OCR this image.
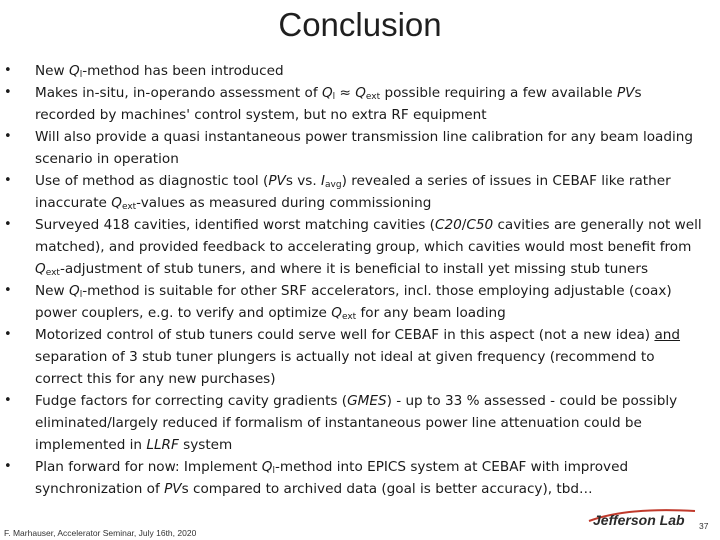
Conclusion
• New $Q_l$-method has been introduced
• Makes in-situ, in-operando assessment of $Q_l \approx Q_{ext}$ possible requiring a few available PVs recorded by machines' control system, but no extra RF equipment
• Will also provide a quasi instantaneous power transmission line calibration for any beam loading scenario in operation
• Use of method as diagnostic tool (PVs vs. $I_{avg}$) revealed a series of issues in CEBAF like rather inaccurate $Q_{ext}$-values as measured during commissioning
• Surveyed 418 cavities, identified worst matching cavities (C20/C50 cavities are generally not well matched), and provided feedback to accelerating group, which cavities would most benefit from $Q_{ext}$-adjustment of stub tuners, and where it is beneficial to install yet missing stub tuners
• New $Q_l$-method is suitable for other SRF accelerators, incl. those employing adjustable (coax) power couplers, e.g. to verify and optimize $Q_{ext}$ for any beam loading
• Motorized control of stub tuners could serve well for CEBAF in this aspect (not a new idea) and separation of 3 stub tuner plungers is actually not ideal at given frequency (recommend to correct this for any new purchases)
• Fudge factors for correcting cavity gradients (GMES) - up to 33 % assessed - could be possibly eliminated/largely reduced if formalism of instantaneous power line attenuation could be implemented in LLRF system
• Plan forward for now: Implement $Q_l$-method into EPICS system at CEBAF with improved synchronization of PVs compared to archived data (goal is better accuracy), tbd…
F. Marhauser, Accelerator Seminar, July 16th, 2020
Jefferson Lab 37
